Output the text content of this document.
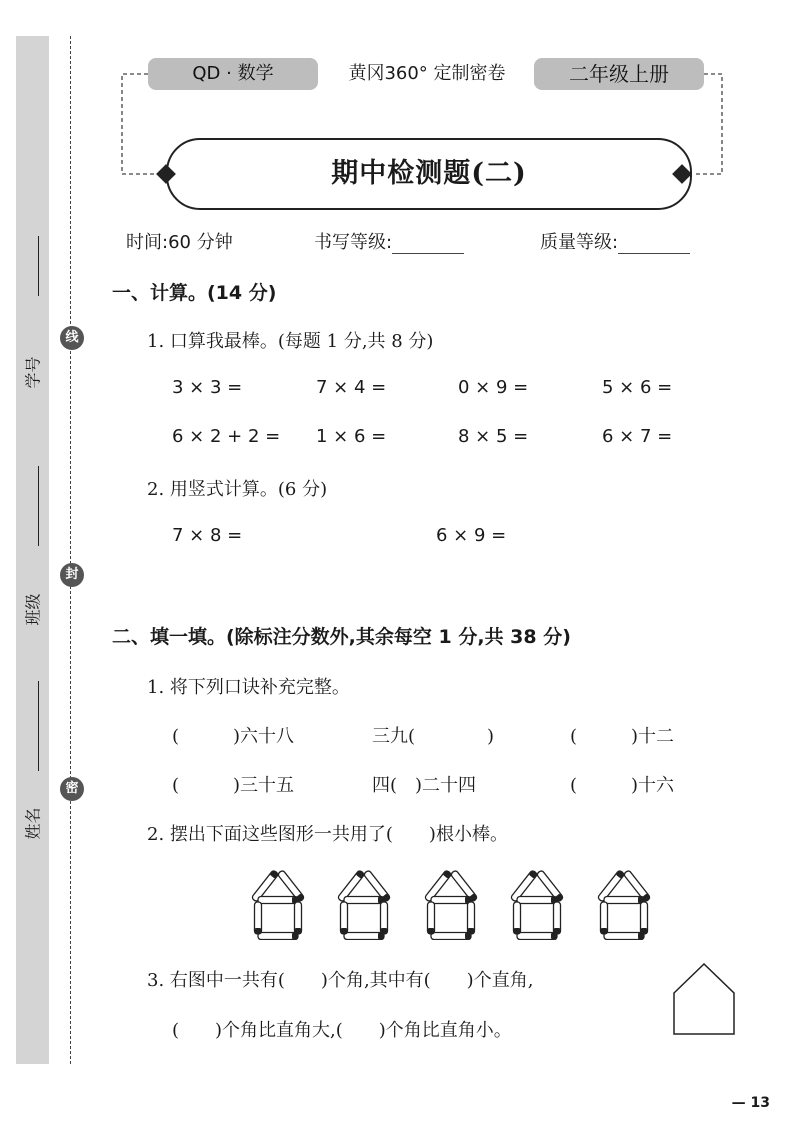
学号
班级
姓名
线
封
密
QD · 数学	黄冈360° 定制密卷	二年级上册
期中检测题(二)
时间:60 分钟	书写等级:	质量等级:
一、计算。(14 分)
1. 口算我最棒。(每题 1 分,共 8 分)
3 × 3 =	7 × 4 =	0 × 9 =	5 × 6 =
6 × 2 + 2 = 1 × 6 =	8 × 5 =	6 × 7 =
2. 用竖式计算。(6 分)
7 × 8 =	6 × 9 =
二、填一填。(除标注分数外,其余每空 1 分,共 38 分)
1. 将下列口诀补充完整。
(　　　)六十八	三九(　　　　)	(　　　)十二
(　　　)三十五	四(　)二十四	(　　　)十六
2. 摆出下面这些图形一共用了(　　)根小棒。
3. 右图中一共有(　　)个角,其中有(　　)个直角,
(　　)个角比直角大,(　　)个角比直角小。
— 13
